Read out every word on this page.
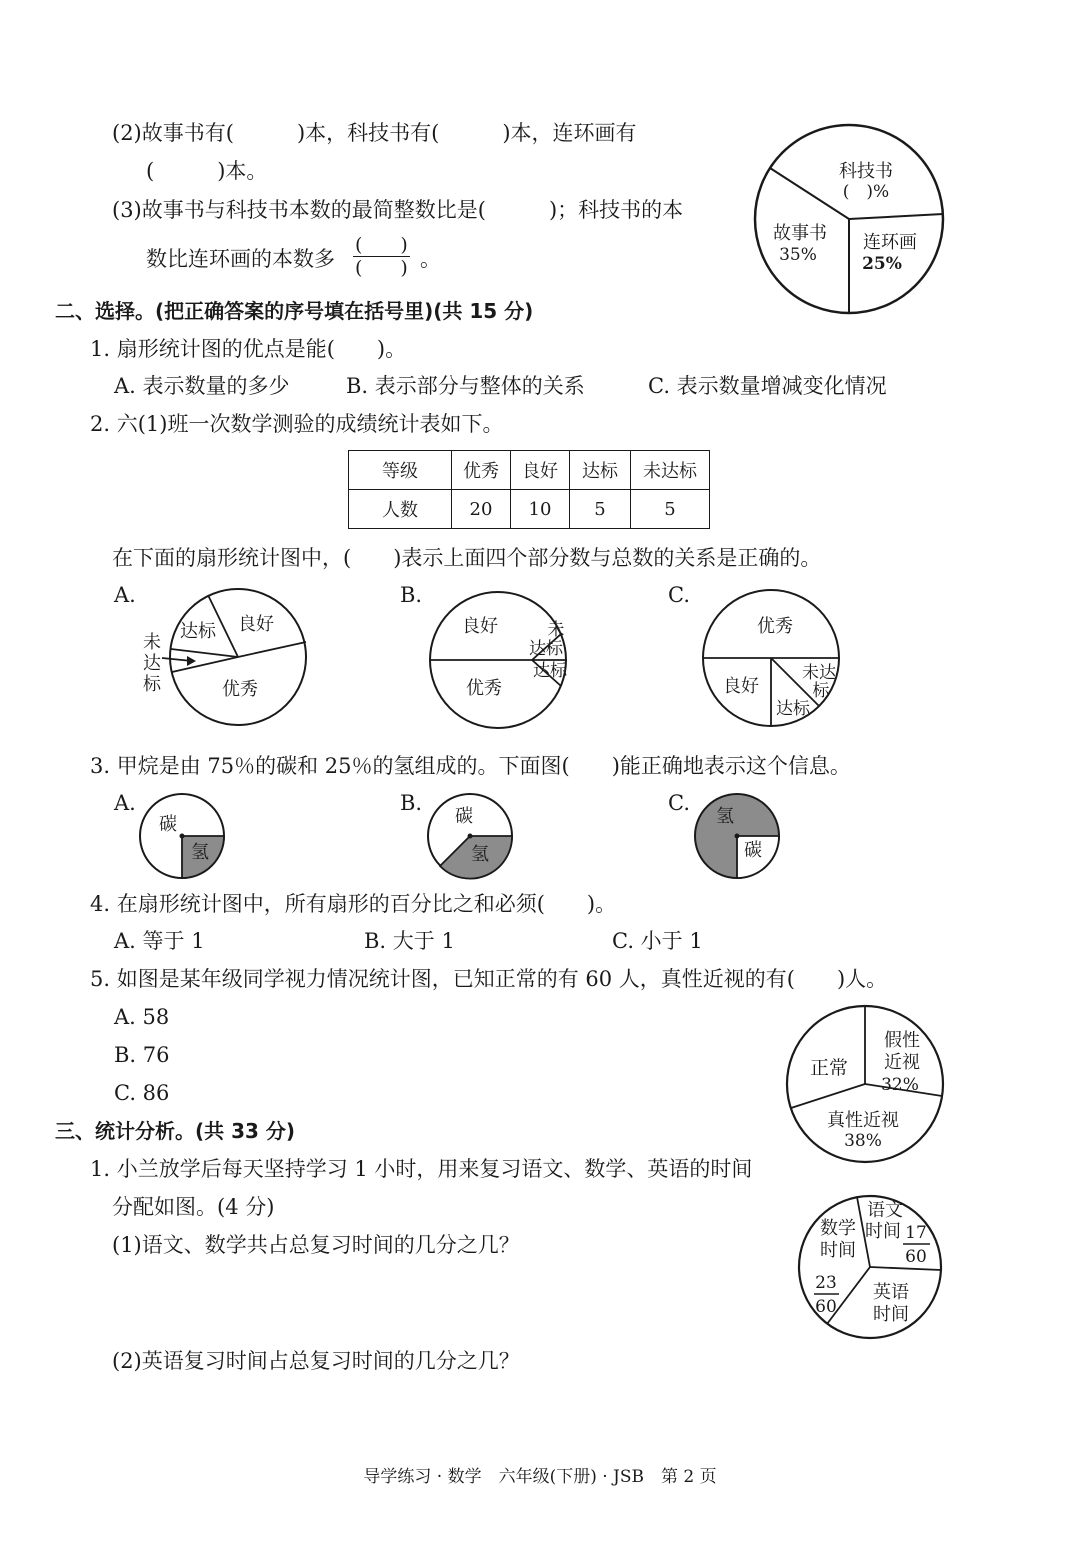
(2)故事书有(　　　)本，科技书有(　　　)本，连环画有
(　　　)本。
(3)故事书与科技书本数的最简整数比是(　　　)；科技书的本
数比连环画的本数多
(　　)
(　　) 。
科技书
(　)%
故事书
35%
连环画
25%
二、选择。(把正确答案的序号填在括号里)(共 15 分)
1. 扇形统计图的优点是能(　　)。
A. 表示数量的多少	B. 表示部分与整体的关系	C. 表示数量增减变化情况
2. 六(1)班一次数学测验的成绩统计表如下。
等级	优秀	良好	达标	未达标
人数	20	10	5	5
在下面的扇形统计图中，(　　)表示上面四个部分数与总数的关系是正确的。
A.	B.	C.
达标 良好
优秀
未
达
标
良好	未
达标
达标
优秀
优秀
良好
未达
标
达标
3. 甲烷是由 75％的碳和 25％的氢组成的。下面图(　　)能正确地表示这个信息。
A.	B.	C.
碳
氢
碳
氢
氢
碳
4. 在扇形统计图中，所有扇形的百分比之和必须(　　)。
A. 等于 1	B. 大于 1	C. 小于 1
5. 如图是某年级同学视力情况统计图，已知正常的有 60 人，真性近视的有(　　)人。
A. 58
B. 76
C. 86
正常
假性
近视
32%
真性近视
38%
三、统计分析。(共 33 分)
1. 小兰放学后每天坚持学习 1 小时，用来复习语文、数学、英语的时间
分配如图。(4 分)
(1)语文、数学共占总复习时间的几分之几？
(2)英语复习时间占总复习时间的几分之几？
语文
时间 17
60
数学
时间
23
60
英语
时间
导学练习 · 数学　六年级(下册) · JSB　第 2 页
